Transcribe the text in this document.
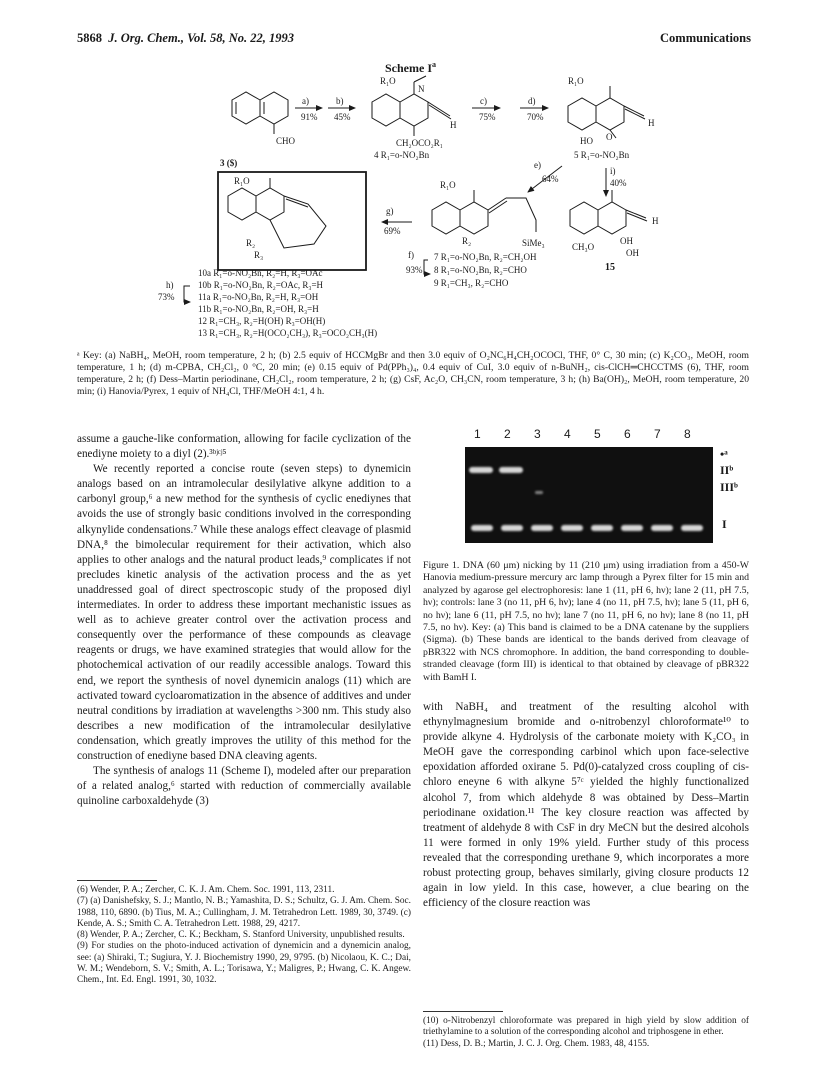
5868 J. Org. Chem., Vol. 58, No. 22, 1993	Communications
Scheme $I^a$
a)
91%
b)
45%
c)
75%
d)
70%
e)
64%
i)
40%
g)
69%
f)
93%
h)
73%
CHO
R₁O
N
H
CH₂OCO₂R₁
R₁O
O
HO
H
R₁O
SiMe₃
R₂
R₁O
R₂
R₃
CH₃O
OH
OH
H
3 ($)
4 R₁=o-NO₂Bn	5 R₁=o-NO₂Bn
15
7 R₁=o-NO₂Bn, R₂=CH₂OH
8 R₁=o-NO₂Bn, R₂=CHO
9 R₁=CH₃, R₂=CHO
10a R₁=o-NO₂Bn, R₂=H, R₃=OAc
10b R₁=o-NO₂Bn, R₂=OAc, R₃=H
11a R₁=o-NO₂Bn, R₂=H, R₃=OH
11b R₁=o-NO₂Bn, R₂=OH, R₃=H
12 R₁=CH₃, R₂=H(OH) R₃=OH(H)
13 R₁=CH₃, R₂=H(OCO₂CH₃), R₃=OCO₂CH₃(H)
ᵃ Key: (a) NaBH₄, MeOH, room temperature, 2 h; (b) 2.5 equiv of HCCMgBr and then 3.0 equiv of O₂NC₆H₄CH₂OCOCl, THF, 0° C, 30 min; (c) K₂CO₃, MeOH, room temperature, 1 h; (d) m-CPBA, CH₂Cl₂, 0 °C, 20 min; (e) 0.15 equiv of Pd(PPh₃)₄, 0.4 equiv of CuI, 3.0 equiv of n-BuNH₂, cis-ClCH═CHCCTMS (6), THF, room temperature, 2 h; (f) Dess–Martin periodinane, CH₂Cl₂, room temperature, 2 h; (g) CsF, Ac₂O, CH₃CN, room temperature, 3 h; (h) Ba(OH)₂, MeOH, room temperature, 20 min; (i) Hanovia/Pyrex, 1 equiv of NH₄Cl, THF/MeOH 4:1, 4 h.

assume a gauche-like conformation, allowing for facile cyclization of the enediyne moiety to a diyl (2).³ᵇʲᶜʲ⁵

We recently reported a concise route (seven steps) to dynemicin analogs based on an intramolecular desilylative alkyne addition to a carbonyl group,⁶ a new method for the synthesis of cyclic enediynes that avoids the use of strongly basic conditions involved in the corresponding alkynylide condensations.⁷ While these analogs effect cleavage of plasmid DNA,⁸ the bimolecular requirement for their activation, which also applies to other analogs and the natural product leads,⁹ complicates if not precludes kinetic analysis of the activation process and the as yet unaddressed goal of direct spectroscopic study of the proposed diyl intermediates. In order to address these important mechanistic issues as well as to achieve greater control over the activation process and consequently over the performance of these compounds as cleavage reagents or drugs, we have examined strategies that would allow for the photochemical activation of our readily accessible analogs. Toward this end, we report the synthesis of novel dynemicin analogs (11) which are activated toward cycloaromatization in the absence of additives and under neutral conditions by irradiation at wavelengths >300 nm. This study also describes a new modification of the intramolecular desilylative condensation, which greatly improves the utility of this method for the construction of enediyne based DNA cleaving agents.

The synthesis of analogs 11 (Scheme I), modeled after our preparation of a related analog,⁶ started with reduction of commercially available quinoline carboxaldehyde (3)

1 2 3 4 5 6 7 8
•ᵃ
IIᵇ
IIIᵇ
I
Figure 1. DNA (60 μm) nicking by 11 (210 μm) using irradiation from a 450-W Hanovia medium-pressure mercury arc lamp through a Pyrex filter for 15 min and analyzed by agarose gel electrophoresis: lane 1 (11, pH 6, hν); lane 2 (11, pH 7.5, hν); controls: lane 3 (no 11, pH 6, hν); lane 4 (no 11, pH 7.5, hν); lane 5 (11, pH 6, no hν); lane 6 (11, pH 7.5, no hν); lane 7 (no 11, pH 6, no hν); lane 8 (no 11, pH 7.5, no hν). Key: (a) This band is claimed to be a DNA catenane by the suppliers (Sigma). (b) These bands are identical to the bands derived from cleavage of pBR322 with NCS chromophore. In addition, the band corresponding to double-stranded cleavage (form III) is identical to that obtained by cleavage of pBR322 with BamH I.

with NaBH₄ and treatment of the resulting alcohol with ethynylmagnesium bromide and o-nitrobenzyl chloroformate¹⁰ to provide alkyne 4. Hydrolysis of the carbonate moiety with K₂CO₃ in MeOH gave the corresponding carbinol which upon face-selective epoxidation afforded oxirane 5. Pd(0)-catalyzed cross coupling of cis-chloro eneyne 6 with alkyne 5⁷ᶜ yielded the highly functionalized alcohol 7, from which aldehyde 8 was obtained by Dess–Martin periodinane oxidation.¹¹ The key closure reaction was affected by treatment of aldehyde 8 with CsF in dry MeCN but the desired alcohols 11 were formed in only 19% yield. Further study of this process revealed that the corresponding urethane 9, which incorporates a more robust protecting group, behaves similarly, giving closure products 12 again in low yield. In this case, however, a clue bearing on the efficiency of the closure reaction was

(6) Wender, P. A.; Zercher, C. K. J. Am. Chem. Soc. 1991, 113, 2311.

(7) (a) Danishefsky, S. J.; Mantlo, N. B.; Yamashita, D. S.; Schultz, G. J. Am. Chem. Soc. 1988, 110, 6890. (b) Tius, M. A.; Cullingham, J. M. Tetrahedron Lett. 1989, 30, 3749. (c) Kende, A. S.; Smith C. A. Tetrahedron Lett. 1988, 29, 4217.

(8) Wender, P. A.; Zercher, C. K.; Beckham, S. Stanford University, unpublished results.

(9) For studies on the photo-induced activation of dynemicin and a dynemicin analog, see: (a) Shiraki, T.; Sugiura, Y. J. Biochemistry 1990, 29, 9795. (b) Nicolaou, K. C.; Dai, W. M.; Wendeborn, S. V.; Smith, A. L.; Torisawa, Y.; Maligres, P.; Hwang, C. K. Angew. Chem., Int. Ed. Engl. 1991, 30, 1032.

(10) o-Nitrobenzyl chloroformate was prepared in high yield by slow addition of triethylamine to a solution of the corresponding alcohol and triphosgene in ether.

(11) Dess, D. B.; Martin, J. C. J. Org. Chem. 1983, 48, 4155.
